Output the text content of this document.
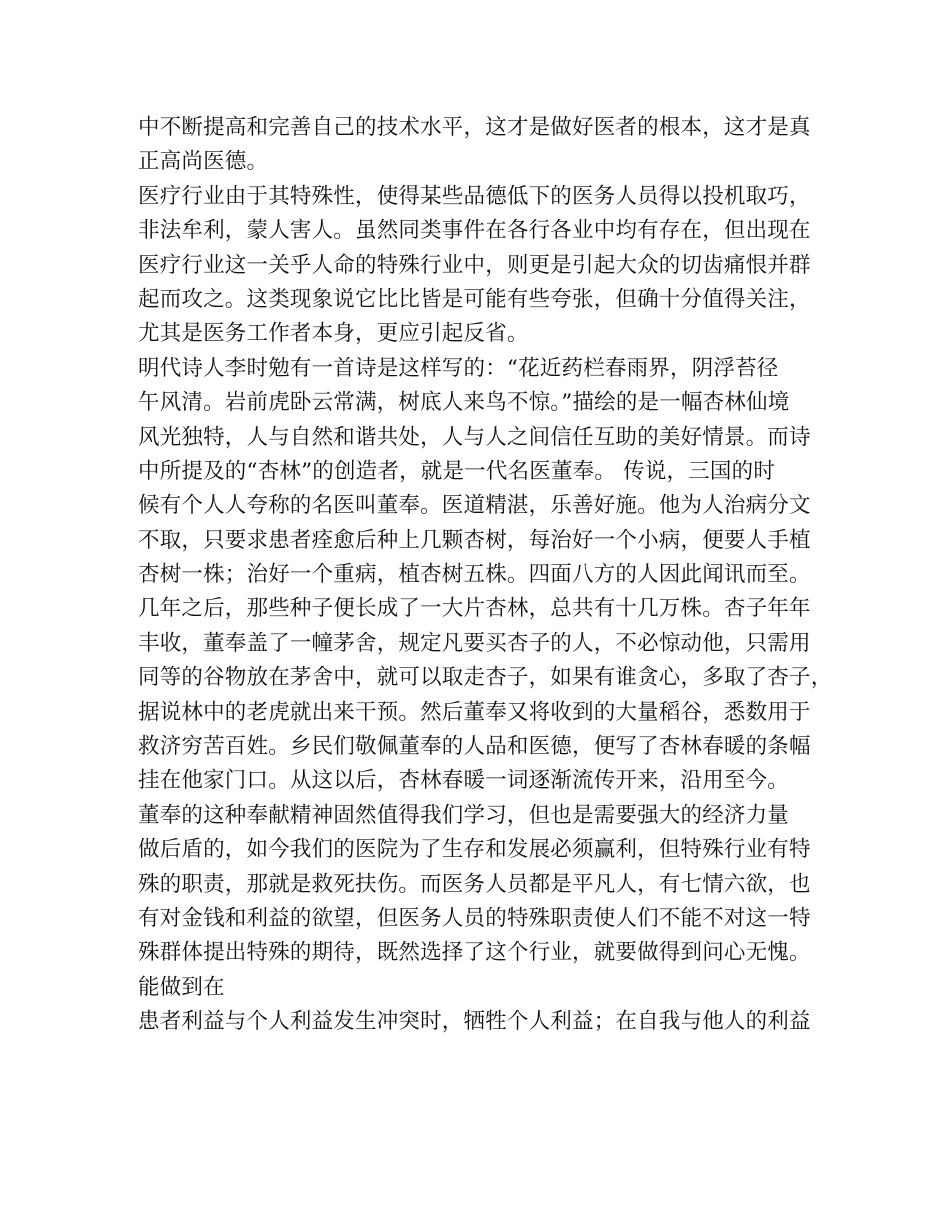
中不断提高和完善自己的技术水平，这才是做好医者的根本，这才是真
正高尚医德。
医疗行业由于其特殊性，使得某些品德低下的医务人员得以投机取巧，
非法牟利，蒙人害人。虽然同类事件在各行各业中均有存在，但出现在
医疗行业这一关乎人命的特殊行业中，则更是引起大众的切齿痛恨并群
起而攻之。这类现象说它比比皆是可能有些夸张，但确十分值得关注，
尤其是医务工作者本身，更应引起反省。
明代诗人李时勉有一首诗是这样写的：“花近药栏春雨界，阴浮苔径
午风清。岩前虎卧云常满，树底人来鸟不惊。”描绘的是一幅杏林仙境
风光独特，人与自然和谐共处，人与人之间信任互助的美好情景。而诗
中所提及的“杏林”的创造者，就是一代名医董奉。 传说，三国的时
候有个人人夸称的名医叫董奉。医道精湛，乐善好施。他为人治病分文
不取，只要求患者痊愈后种上几颗杏树，每治好一个小病，便要人手植
杏树一株；治好一个重病，植杏树五株。四面八方的人因此闻讯而至。
几年之后，那些种子便长成了一大片杏林，总共有十几万株。杏子年年
丰收，董奉盖了一幢茅舍，规定凡要买杏子的人，不必惊动他，只需用
同等的谷物放在茅舍中，就可以取走杏子，如果有谁贪心，多取了杏子，
据说林中的老虎就出来干预。然后董奉又将收到的大量稻谷，悉数用于
救济穷苦百姓。乡民们敬佩董奉的人品和医德，便写了杏林春暖的条幅
挂在他家门口。从这以后，杏林春暖一词逐渐流传开来，沿用至今。
董奉的这种奉献精神固然值得我们学习，但也是需要强大的经济力量
做后盾的，如今我们的医院为了生存和发展必须赢利，但特殊行业有特
殊的职责，那就是救死扶伤。而医务人员都是平凡人，有七情六欲，也
有对金钱和利益的欲望，但医务人员的特殊职责使人们不能不对这一特
殊群体提出特殊的期待，既然选择了这个行业，就要做得到问心无愧。
能做到在
患者利益与个人利益发生冲突时，牺牲个人利益；在自我与他人的利益
